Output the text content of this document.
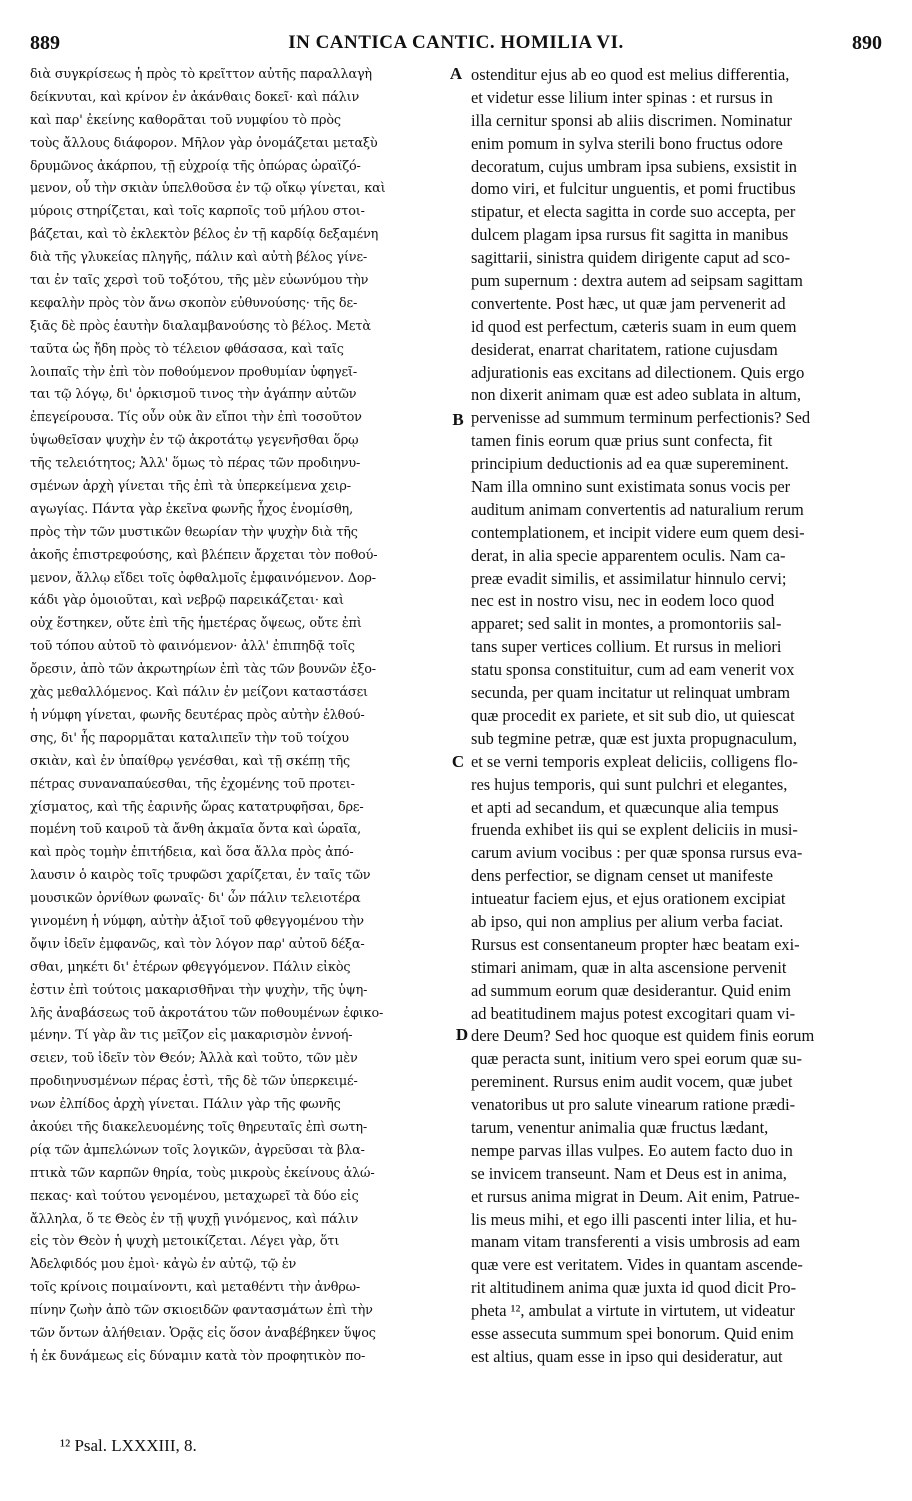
889	IN CANTICA CANTIC. HOMILIA VI.	890
διὰ συγκρίσεως ἡ πρὸς τὸ κρεῖττον αὐτῆς παραλλαγὴ
δείκνυται, καὶ κρίνον ἐν ἀκάνθαις δοκεῖ· καὶ πάλιν
καὶ παρ' ἐκείνης καθορᾶται τοῦ νυμφίου τὸ πρὸς
τοὺς ἄλλους διάφορον. Μῆλον γὰρ ὀνομάζεται μεταξὺ
δρυμῶνος ἀκάρπου, τῇ εὐχροίᾳ τῆς ὀπώρας ὡραϊζό-
μενον, οὗ τὴν σκιὰν ὑπελθοῦσα ἐν τῷ οἴκῳ γίνεται, καὶ
μύροις στηρίζεται, καὶ τοῖς καρποῖς τοῦ μήλου στοι-
βάζεται, καὶ τὸ ἐκλεκτὸν βέλος ἐν τῇ καρδίᾳ δεξαμένη
διὰ τῆς γλυκείας πληγῆς, πάλιν καὶ αὐτὴ βέλος γίνε-
ται ἐν ταῖς χερσὶ τοῦ τοξότου, τῆς μὲν εὐωνύμου τὴν
κεφαλὴν πρὸς τὸν ἄνω σκοπὸν εὐθυνούσης· τῆς δε-
ξιᾶς δὲ πρὸς ἑαυτὴν διαλαμβανούσης τὸ βέλος. Μετὰ
ταῦτα ὡς ἤδη πρὸς τὸ τέλειον φθάσασα, καὶ ταῖς
λοιπαῖς τὴν ἐπὶ τὸν ποθούμενον προθυμίαν ὑφηγεῖ-
ται τῷ λόγῳ, δι' ὁρκισμοῦ τινος τὴν ἀγάπην αὐτῶν
ἐπεγείρουσα. Τίς οὖν οὐκ ἂν εἴποι τὴν ἐπὶ τοσοῦτον
ὑψωθεῖσαν ψυχὴν ἐν τῷ ἀκροτάτῳ γεγενῆσθαι ὅρῳ
τῆς τελειότητος; Ἀλλ' ὅμως τὸ πέρας τῶν προδιηνυ-
σμένων ἀρχὴ γίνεται τῆς ἐπὶ τὰ ὑπερκείμενα χειρ-
αγωγίας. Πάντα γὰρ ἐκεῖνα φωνῆς ἦχος ἐνομίσθη,
πρὸς τὴν τῶν μυστικῶν θεωρίαν τὴν ψυχὴν διὰ τῆς
ἀκοῆς ἐπιστρεφούσης, καὶ βλέπειν ἄρχεται τὸν ποθού-
μενον, ἄλλῳ εἴδει τοῖς ὀφθαλμοῖς ἐμφαινόμενον. Δορ-
κάδι γὰρ ὁμοιοῦται, καὶ νεβρῷ παρεικάζεται· καὶ
οὐχ ἕστηκεν, οὔτε ἐπὶ τῆς ἡμετέρας ὄψεως, οὔτε ἐπὶ
τοῦ τόπου αὐτοῦ τὸ φαινόμενον· ἀλλ' ἐπιπηδᾷ τοῖς
ὄρεσιν, ἀπὸ τῶν ἀκρωτηρίων ἐπὶ τὰς τῶν βουνῶν ἐξο-
χὰς μεθαλλόμενος. Καὶ πάλιν ἐν μείζονι καταστάσει
ἡ νύμφη γίνεται, φωνῆς δευτέρας πρὸς αὐτὴν ἐλθού-
σης, δι' ἧς παρορμᾶται καταλιπεῖν τὴν τοῦ τοίχου
σκιὰν, καὶ ἐν ὑπαίθρῳ γενέσθαι, καὶ τῇ σκέπῃ τῆς
πέτρας συναναπαύεσθαι, τῆς ἐχομένης τοῦ προτει-
χίσματος, καὶ τῆς ἐαρινῆς ὥρας κατατρυφῆσαι, δρε-
πομένη τοῦ καιροῦ τὰ ἄνθη ἀκμαῖα ὄντα καὶ ὡραῖα,
καὶ πρὸς τομὴν ἐπιτήδεια, καὶ ὅσα ἄλλα πρὸς ἀπό-
λαυσιν ὁ καιρὸς τοῖς τρυφῶσι χαρίζεται, ἐν ταῖς τῶν
μουσικῶν ὀρνίθων φωναῖς· δι' ὧν πάλιν τελειοτέρα
γινομένη ἡ νύμφη, αὐτὴν ἀξιοῖ τοῦ φθεγγομένου τὴν
ὄψιν ἰδεῖν ἐμφανῶς, καὶ τὸν λόγον παρ' αὐτοῦ δέξα-
σθαι, μηκέτι δι' ἑτέρων φθεγγόμενον. Πάλιν εἰκὸς
ἐστιν ἐπὶ τούτοις μακαρισθῆναι τὴν ψυχὴν, τῆς ὑψη-
λῆς ἀναβάσεως τοῦ ἀκροτάτου τῶν ποθουμένων ἐφικο-
μένην. Τί γὰρ ἂν τις μεῖζον εἰς μακαρισμὸν ἐννοή-
σειεν, τοῦ ἰδεῖν τὸν Θεόν; Ἀλλὰ καὶ τοῦτο, τῶν μὲν
προδιηνυσμένων πέρας ἐστὶ, τῆς δὲ τῶν ὑπερκειμέ-
νων ἐλπίδος ἀρχὴ γίνεται. Πάλιν γὰρ τῆς φωνῆς
ἀκούει τῆς διακελευομένης τοῖς θηρευταῖς ἐπὶ σωτη-
ρίᾳ τῶν ἀμπελώνων τοῖς λογικῶν, ἀγρεῦσαι τὰ βλα-
πτικὰ τῶν καρπῶν θηρία, τοὺς μικροὺς ἐκείνους ἀλώ-
πεκας· καὶ τούτου γενομένου, μεταχωρεῖ τὰ δύο εἰς
ἄλληλα, ὅ τε Θεὸς ἐν τῇ ψυχῇ γινόμενος, καὶ πάλιν
εἰς τὸν Θεὸν ἡ ψυχὴ μετοικίζεται. Λέγει γὰρ, ὅτι
Ἀδελφιδός μου ἐμοὶ· κἀγὼ ἐν αὐτῷ, τῷ ἐν
τοῖς κρίνοις ποιμαίνοντι, καὶ μεταθέντι τὴν ἀνθρω-
πίνην ζωὴν ἀπὸ τῶν σκιοειδῶν φαντασμάτων ἐπὶ τὴν
τῶν ὄντων ἀλήθειαν. Ὁρᾷς εἰς ὅσον ἀναβέβηκεν ὕψος
ἡ ἐκ δυνάμεως εἰς δύναμιν κατὰ τὸν προφητικὸν πο-
ostenditur ejus ab eo quod est melius differentia,
et videtur esse lilium inter spinas : et rursus in
illa cernitur sponsi ab aliis discrimen. Nominatur
enim pomum in sylva sterili bono fructus odore
decoratum, cujus umbram ipsa subiens, exsistit in
domo viri, et fulcitur unguentis, et pomi fructibus
stipatur, et electa sagitta in corde suo accepta, per
dulcem plagam ipsa rursus fit sagitta in manibus
sagittarii, sinistra quidem dirigente caput ad sco-
pum supernum : dextra autem ad seipsam sagittam
convertente. Post hæc, ut quæ jam pervenerit ad
id quod est perfectum, cæteris suam in eum quem
desiderat, enarrat charitatem, ratione cujusdam
adjurationis eas excitans ad dilectionem. Quis ergo
non dixerit animam quæ est adeo sublata in altum,
pervenisse ad summum terminum perfectionis? Sed
tamen finis eorum quæ prius sunt confecta, fit
principium deductionis ad ea quæ supereminent.
Nam illa omnino sunt existimata sonus vocis per
auditum animam convertentis ad naturalium rerum
contemplationem, et incipit videre eum quem desi-
derat, in alia specie apparentem oculis. Nam ca-
preæ evadit similis, et assimilatur hinnulo cervi;
nec est in nostro visu, nec in eodem loco quod
apparet; sed salit in montes, a promontoriis sal-
tans super vertices collium. Et rursus in meliori
statu sponsa constituitur, cum ad eam venerit vox
secunda, per quam incitatur ut relinquat umbram
quæ procedit ex pariete, et sit sub dio, ut quiescat
sub tegmine petræ, quæ est juxta propugnaculum,
et se verni temporis expleat deliciis, colligens flo-
res hujus temporis, qui sunt pulchri et elegantes,
et apti ad secandum, et quæcunque alia tempus
fruenda exhibet iis qui se explent deliciis in musi-
carum avium vocibus : per quæ sponsa rursus eva-
dens perfectior, se dignam censet ut manifeste
intueatur faciem ejus, et ejus orationem excipiat
ab ipso, qui non amplius per alium verba faciat.
Rursus est consentaneum propter hæc beatam exi-
stimari animam, quæ in alta ascensione pervenit
ad summum eorum quæ desiderantur. Quid enim
ad beatitudinem majus potest excogitari quam vi-
dere Deum? Sed hoc quoque est quidem finis eorum
quæ peracta sunt, initium vero spei eorum quæ su-
pereminent. Rursus enim audit vocem, quæ jubet
venatoribus ut pro salute vinearum ratione prædi-
tarum, venentur animalia quæ fructus lædant,
nempe parvas illas vulpes. Eo autem facto duo in
se invicem transeunt. Nam et Deus est in anima,
et rursus anima migrat in Deum. Ait enim, Patrue-
lis meus mihi, et ego illi pascenti inter lilia, et hu-
manam vitam transferenti a visis umbrosis ad eam
quæ vere est veritatem. Vides in quantam ascende-
rit altitudinem anima quæ juxta id quod dicit Pro-
pheta ¹², ambulat a virtute in virtutem, ut videatur
esse assecuta summum spei bonorum. Quid enim
est altius, quam esse in ipso qui desideratur, aut
A
B
C
D
¹² Psal. LXXXIII, 8.
